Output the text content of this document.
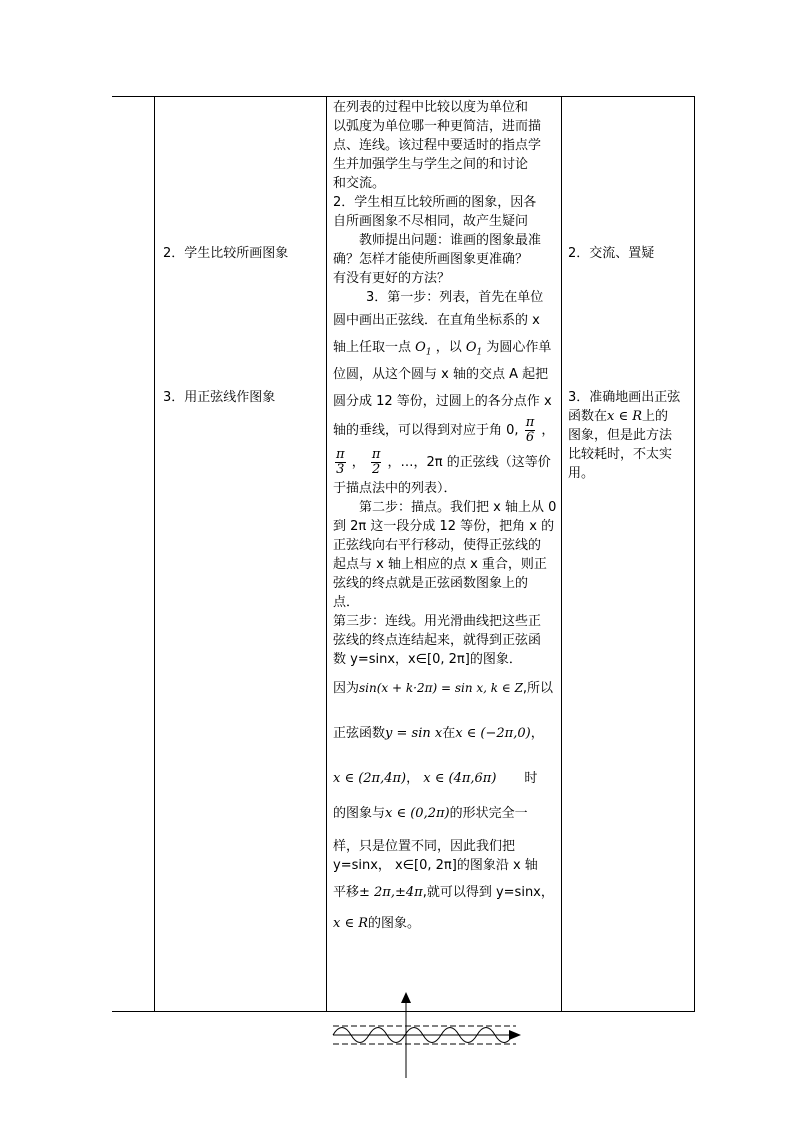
2．学生比较所画图象
3．用正弦线作图象
在列表的过程中比较以度为单位和
以弧度为单位哪一种更简洁，进而描
点、连线。该过程中要适时的指点学
生并加强学生与学生之间的和讨论
和交流。
2．学生相互比较所画的图象，因各
自所画图象不尽相同，故产生疑问
教师提出问题：谁画的图象最准
确？怎样才能使所画图象更准确？
有没有更好的方法？
3．第一步：列表，首先在单位
圆中画出正弦线．在直角坐标系的 x
轴上任取一点 $O_1$ ，以 $O_1$ 为圆心作单
位圆，从这个圆与 x 轴的交点 A 起把
圆分成 12 等份，过圆上的各分点作 x
轴的垂线，可以得到对应于角 0, $\frac{\pi}{6}$ ，
$\frac{\pi}{3}$ ， $\frac{\pi}{2}$ ，…，2π 的正弦线（这等价
于描点法中的列表）．
第二步：描点。我们把 x 轴上从 0
到 2π 这一段分成 12 等份，把角 x 的
正弦线向右平行移动，使得正弦线的
起点与 x 轴上相应的点 x 重合，则正
弦线的终点就是正弦函数图象上的
点．
第三步：连线。用光滑曲线把这些正
弦线的终点连结起来，就得到正弦函
数 y=sinx，x∈[0, 2π]的图象．
因为sin(x + k·2π) = sin x, k ∈ Z,所以
正弦函数y = sin x在x ∈ (−2π,0)，
x ∈ (2π,4π)， x ∈ (4π,6π) 时
的图象与x ∈ (0,2π)的形状完全一
样，只是位置不同，因此我们把
y=sinx， x∈[0, 2π]的图象沿 x 轴
平移± 2π,±4π,就可以得到 y=sinx，
x ∈ R的图象。
2．交流、置疑
3．准确地画出正弦
函数在x ∈ R上的
图象，但是此方法
比较耗时，不太实
用。
